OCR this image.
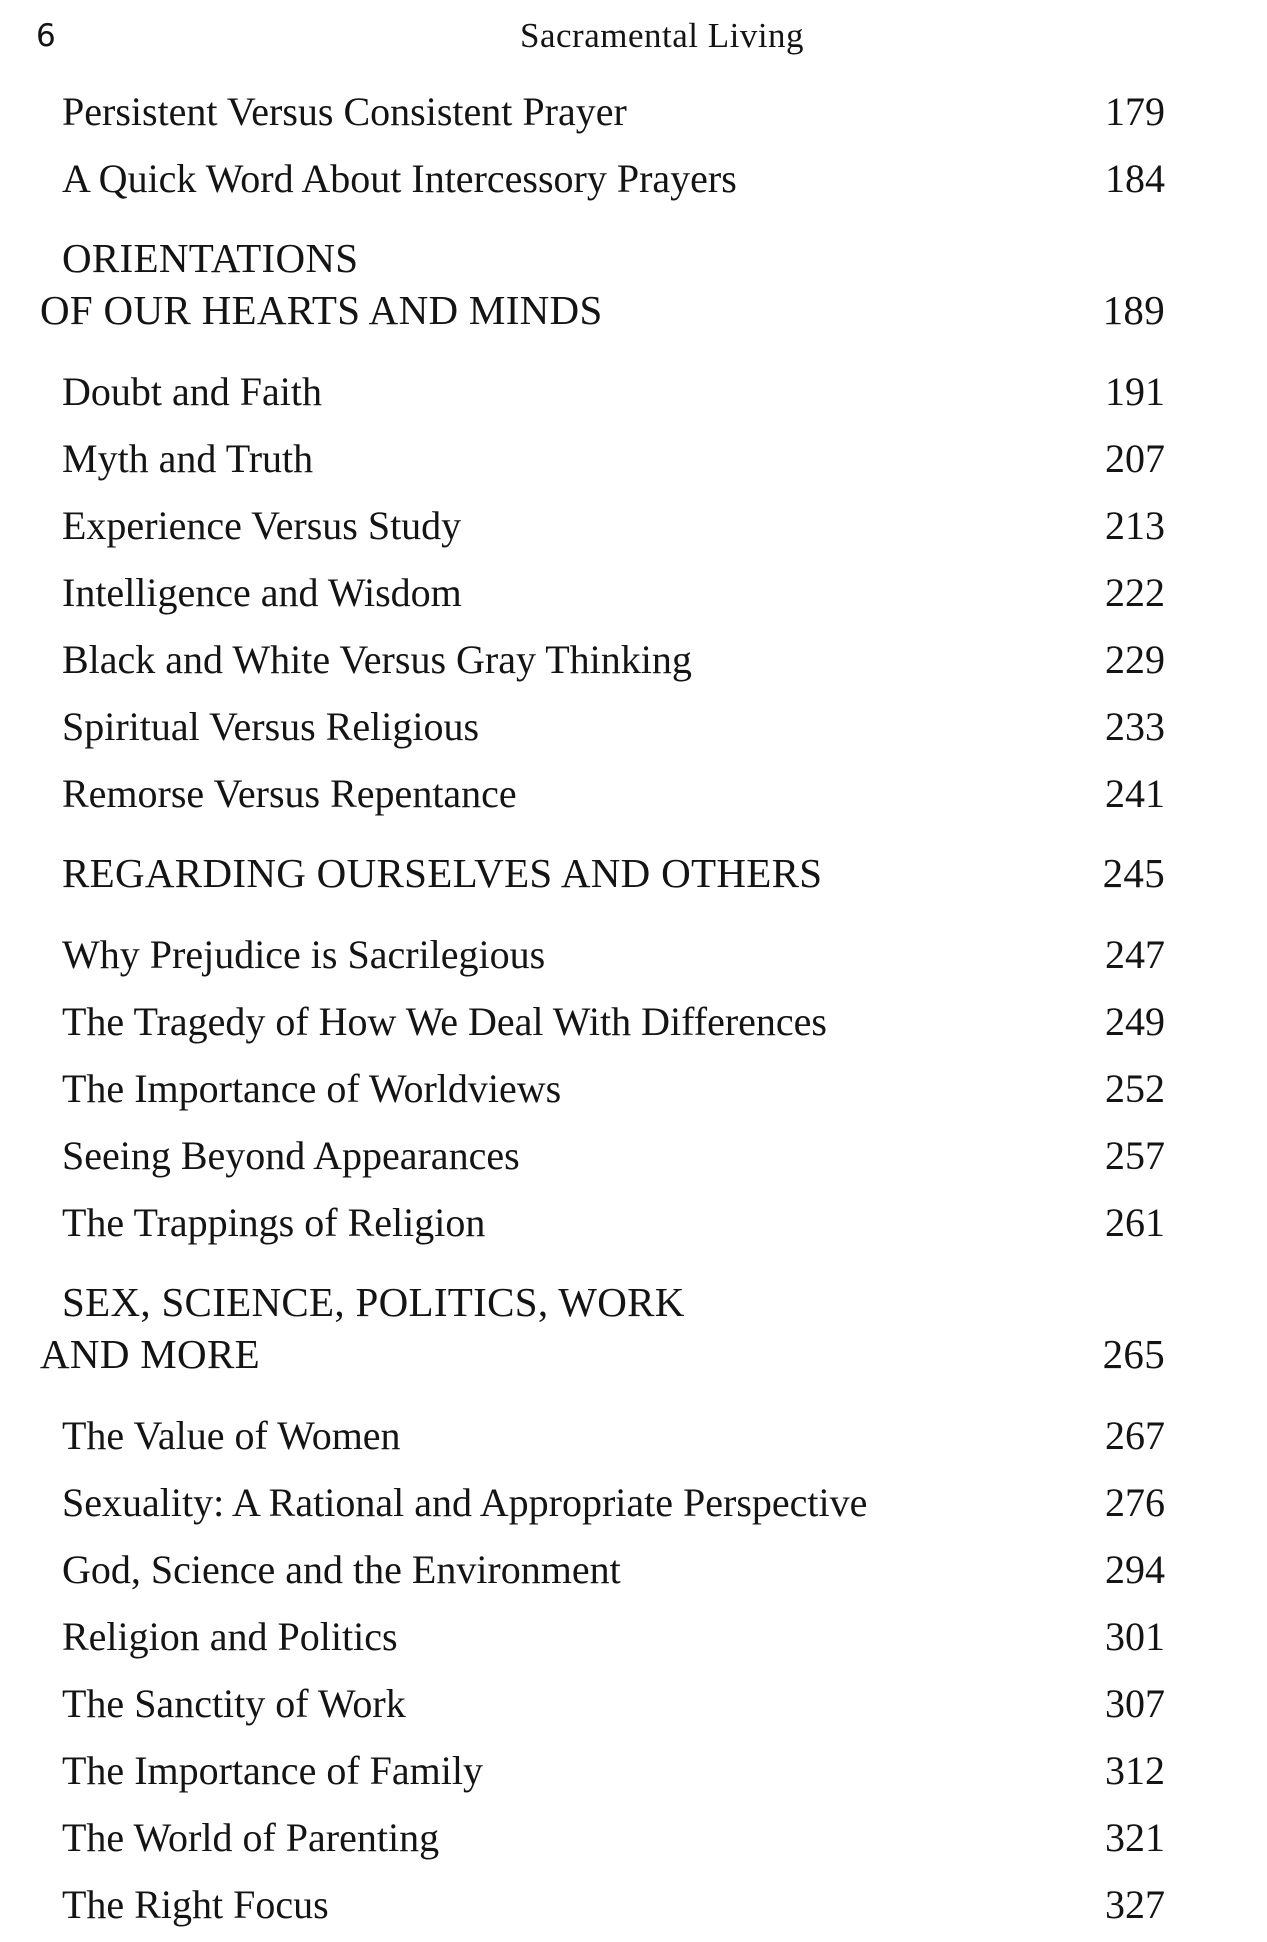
6	Sacramental Living
Persistent Versus Consistent Prayer	179
A Quick Word About Intercessory Prayers	184
ORIENTATIONS
OF OUR HEARTS AND MINDS	189
Doubt and Faith	191
Myth and Truth	207
Experience Versus Study	213
Intelligence and Wisdom	222
Black and White Versus Gray Thinking	229
Spiritual Versus Religious	233
Remorse Versus Repentance	241
REGARDING OURSELVES AND OTHERS	245
Why Prejudice is Sacrilegious	247
The Tragedy of How We Deal With Differences	249
The Importance of Worldviews	252
Seeing Beyond Appearances	257
The Trappings of Religion	261
SEX, SCIENCE, POLITICS, WORK
AND MORE	265
The Value of Women	267
Sexuality: A Rational and Appropriate Perspective	276
God, Science and the Environment	294
Religion and Politics	301
The Sanctity of Work	307
The Importance of Family	312
The World of Parenting	321
The Right Focus	327
